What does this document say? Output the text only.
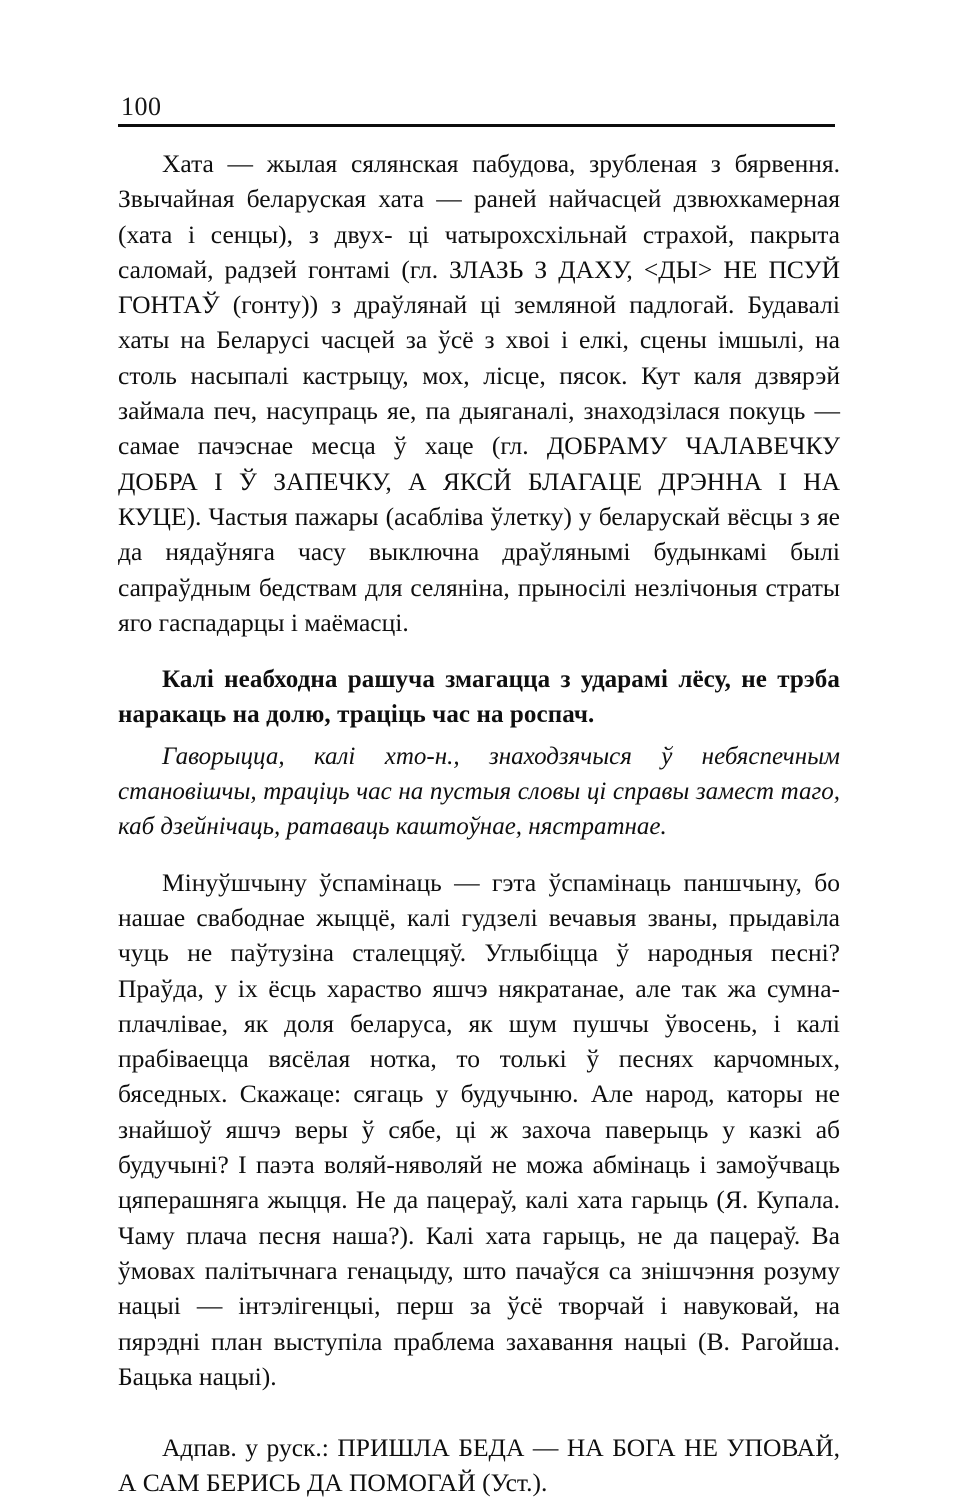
100

Хата — жылая сялянская пабудова, зрубленая з бярвення. Звычайная беларуская хата — раней найчасцей дзвюхкамерная (хата і сенцы), з двух- ці чатырохсхільнай страхой, пакрыта саломай, радзей гонтамі (гл. ЗЛАЗЬ З ДАХУ, <ДЫ> НЕ ПСУЙ ГОНТАЎ (гонту)) з драўлянай ці земляной падлогай. Будавалі хаты на Беларусі часцей за ўсё з хвоі і елкі, сцены імшылі, на столь насыпалі кастрыцу, мох, лісце, пясок. Кут каля дзвярэй займала печ, насупраць яе, па дыяганалі, знаходзілася покуць — самае пачэснае месца ў хаце (гл. ДОБРАМУ ЧАЛАВЕЧКУ ДОБРА І Ў ЗАПЕЧКУ, А ЯКСЙ БЛАГАЦЕ ДРЭННА І НА КУЦЕ). Частыя пажары (асабліва ўлетку) у беларускай вёсцы з яе да нядаўняга часу выключна драўлянымі будынкамі былі сапраўдным бедствам для селяніна, прыносілі незлічоныя страты яго гаспадарцы і маёмасці.

Калі неабходна рашуча змагацца з ударамі лёсу, не трэба наракаць на долю, траціць час на роспач.

Гаворыцца, калі хто-н., знаходзячыся ў небяспечным становішчы, траціць час на пустыя словы ці справы замест таго, каб дзейнічаць, ратаваць каштоўнае, нястратнае.

Мінуўшчыну ўспамінаць — гэта ўспамінаць паншчыну, бо нашае свабоднае жыццё, калі гудзелі вечавыя званы, прыдавіла чуць не паўтузіна сталеццяў. Углыбіцца ў народныя песні? Праўда, у іх ёсць хараство яшчэ някратанае, але так жа сумна-плачлівае, як доля беларуса, як шум пушчы ўвосень, і калі прабіваецца вясёлая нотка, то толькі ў песнях карчомных, бяседных. Скажаце: сягаць у будучыню. Але народ, каторы не знайшоў яшчэ веры ў сябе, ці ж захоча паверыць у казкі аб будучыні? І паэта воляй-няволяй не можа абмінаць і замоўчваць цяперашняга жыцця. Не да пацераў, калі хата гарыць (Я. Купала. Чаму плача песня наша?). Калі хата гарыць, не да пацераў. Ва ўмовах палітычнага генацыду, што пачаўся са знішчэння розуму нацыі — інтэлігенцыі, перш за ўсё творчай і навуковай, на пярэдні план выступіла праблема захавання нацыі (В. Рагойша. Бацька нацыі).

Адпав. у руск.: ПРИШЛА БЕДА — НА БОГА НЕ УПОВАЙ, А САМ БЕРИСЬ ДА ПОМОГАЙ (Уст.).
